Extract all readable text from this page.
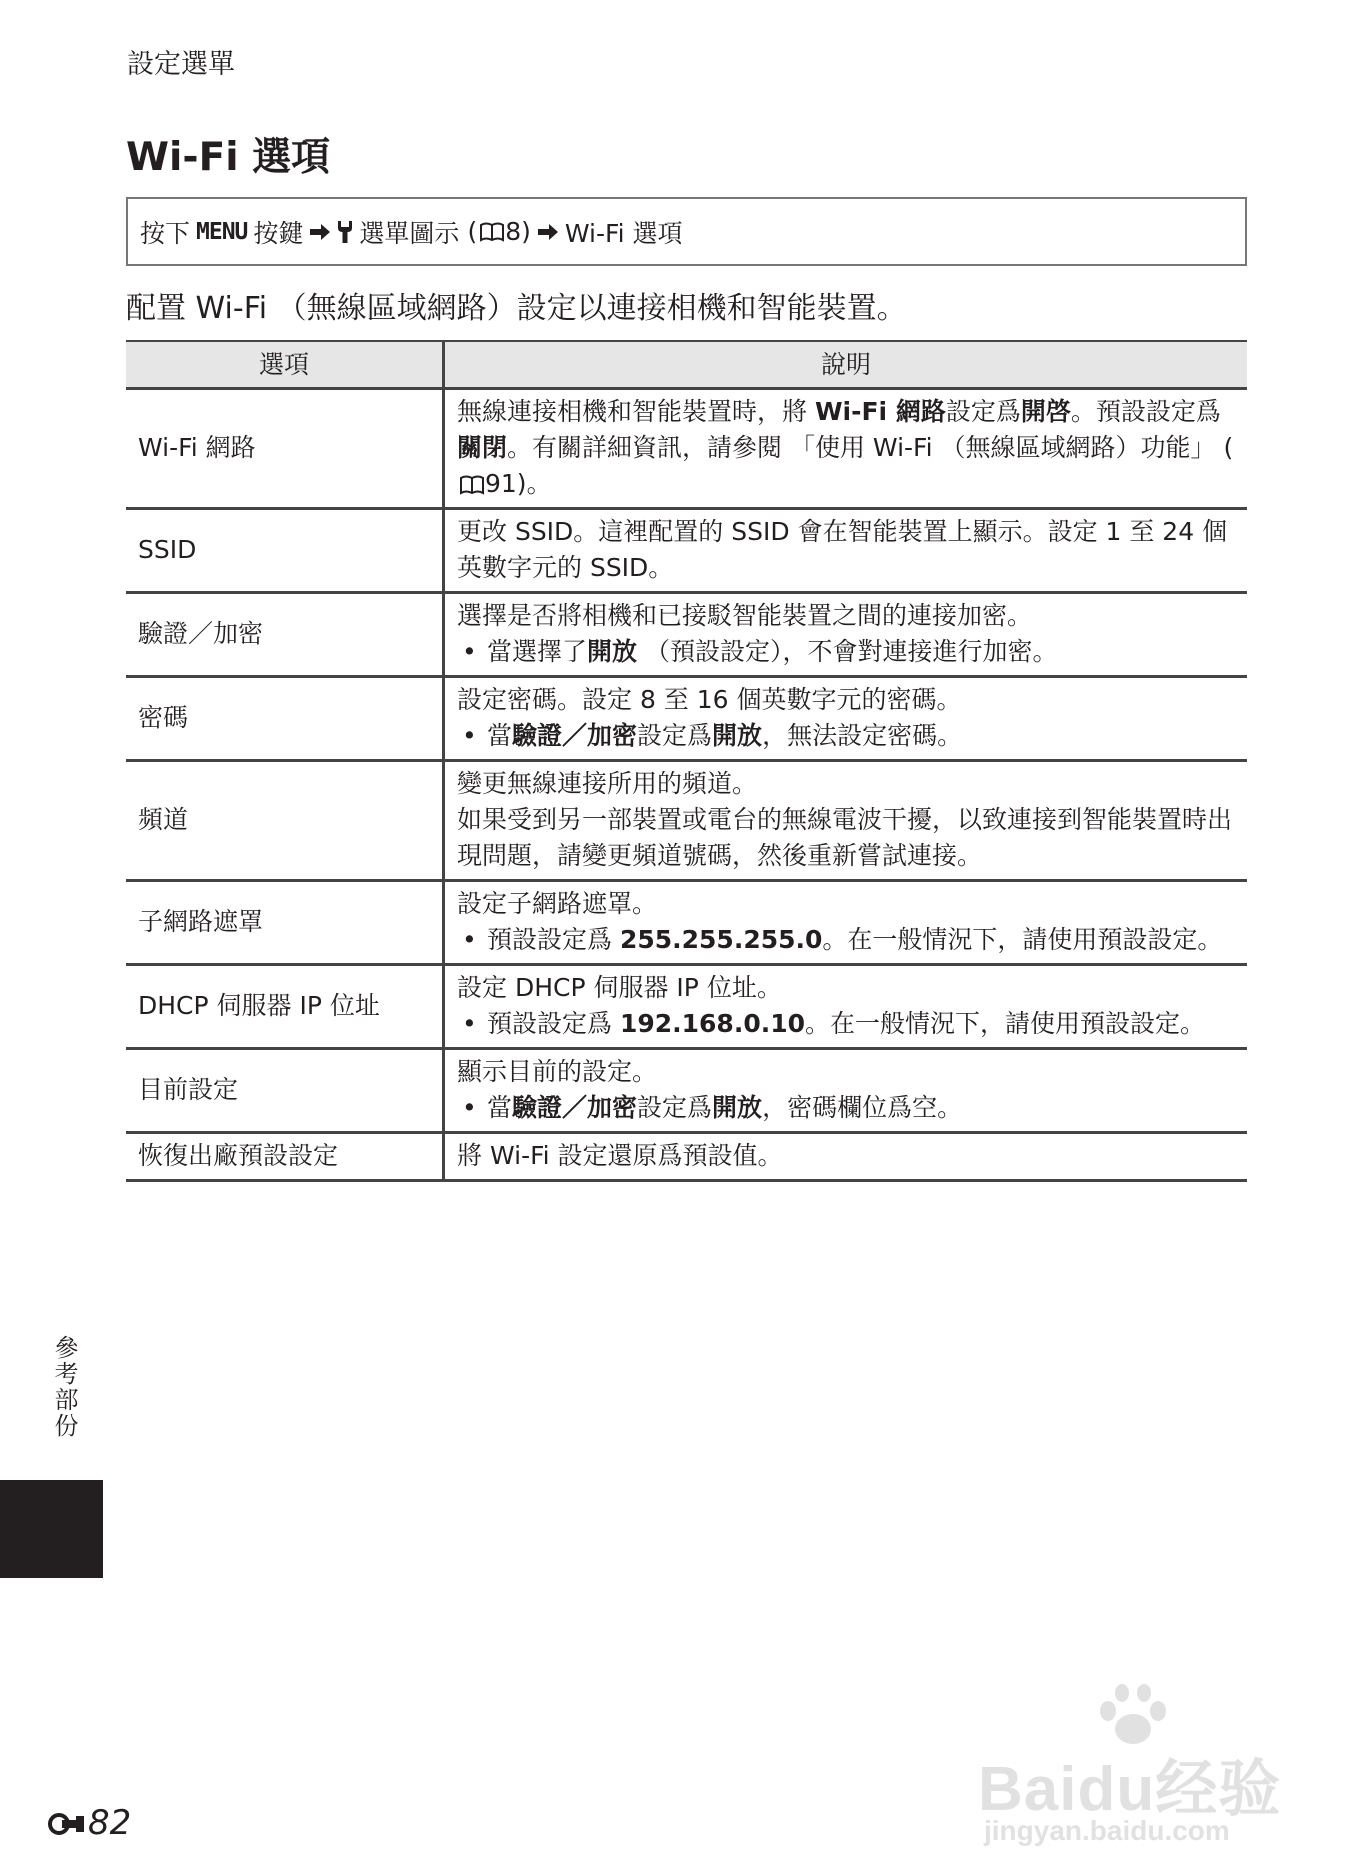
設定選單
Wi-Fi 選項
按下 MENU 按鍵 選單圖示 ( 8 ) Wi-Fi 選項
配置 Wi-Fi （無線區域網路）設定以連接相機和智能裝置。
選項	說明
Wi-Fi 網路	無線連接相機和智能裝置時，將 Wi-Fi 網路設定爲開啓。預設設定爲關閉。有關詳細資訊，請參閱 「使用 Wi-Fi （無線區域網路）功能」 (91)。

SSID	更改 SSID。這裡配置的 SSID 會在智能裝置上顯示。設定 1 至 24 個英數字元的 SSID。

驗證／加密	選擇是否將相機和已接駁智能裝置之間的連接加密。
• 當選擇了開放 （預設設定），不會對連接進行加密。

密碼	設定密碼。設定 8 至 16 個英數字元的密碼。
• 當驗證／加密設定爲開放，無法設定密碼。

頻道	變更無線連接所用的頻道。
如果受到另一部裝置或電台的無線電波干擾，以致連接到智能裝置時出現問題，請變更頻道號碼，然後重新嘗試連接。

子網路遮罩	設定子網路遮罩。
• 預設設定爲 255.255.255.0。在一般情況下，請使用預設設定。

DHCP 伺服器 IP 位址	設定 DHCP 伺服器 IP 位址。
• 預設設定爲 192.168.0.10。在一般情況下，請使用預設設定。

目前設定	顯示目前的設定。
• 當驗證／加密設定爲開放，密碼欄位爲空。

恢復出廠預設設定	將 Wi-Fi 設定還原爲預設值。
參考部份
82	Baidu经验
jingyan.baidu.com
